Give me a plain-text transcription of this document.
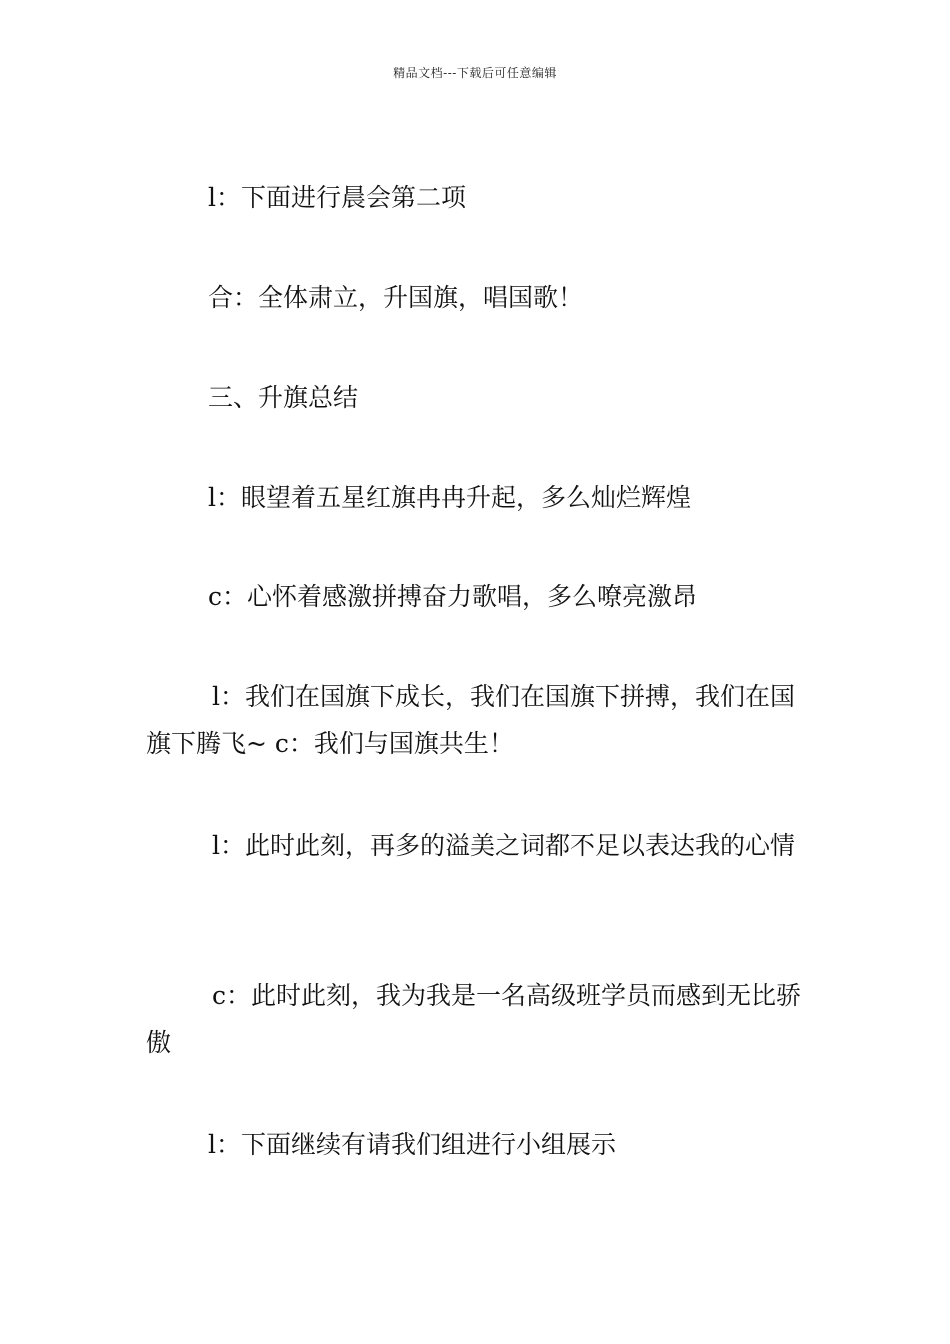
精品文档---下载后可任意编辑
l：下面进行晨会第二项
合：全体肃立，升国旗，唱国歌！
三、升旗总结
l：眼望着五星红旗冉冉升起，多么灿烂辉煌
c：心怀着感激拼搏奋力歌唱，多么嘹亮激昂
l：我们在国旗下成长，我们在国旗下拼搏，我们在国旗下腾飞~ c：我们与国旗共生！
l：此时此刻，再多的溢美之词都不足以表达我的心情
c：此时此刻，我为我是一名高级班学员而感到无比骄傲
l：下面继续有请我们组进行小组展示
